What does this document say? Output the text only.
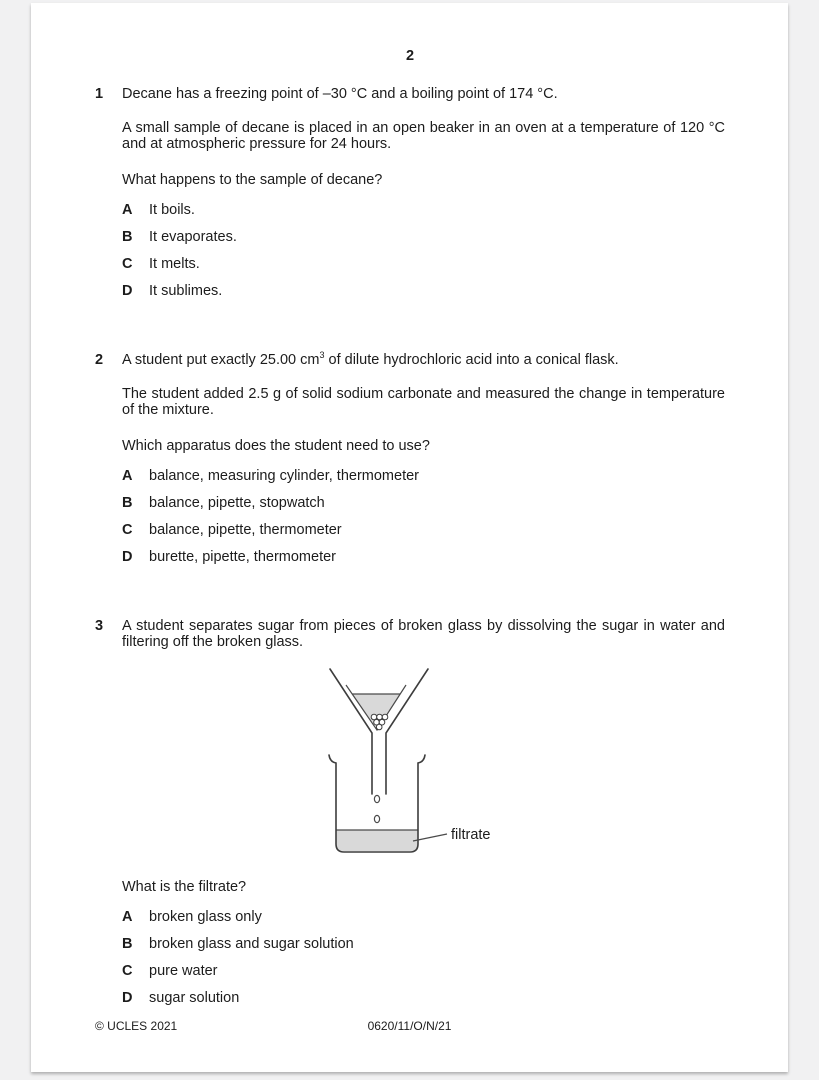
2
1	Decane has a freezing point of –30 °C and a boiling point of 174 °C.
A small sample of decane is placed in an open beaker in an oven at a temperature of 120 °C and at atmospheric pressure for 24 hours.
What happens to the sample of decane?
A	It boils.
B	It evaporates.
C	It melts.
D	It sublimes.
2	A student put exactly 25.00 $cm^3$ of dilute hydrochloric acid into a conical flask.
The student added 2.5 g of solid sodium carbonate and measured the change in temperature of the mixture.
Which apparatus does the student need to use?
A	balance, measuring cylinder, thermometer
B	balance, pipette, stopwatch
C	balance, pipette, thermometer
D	burette, pipette, thermometer
3	A student separates sugar from pieces of broken glass by dissolving the sugar in water and filtering off the broken glass.
filtrate
What is the filtrate?
A	broken glass only
B	broken glass and sugar solution
C	pure water
D	sugar solution
© UCLES 2021	0620/11/O/N/21
